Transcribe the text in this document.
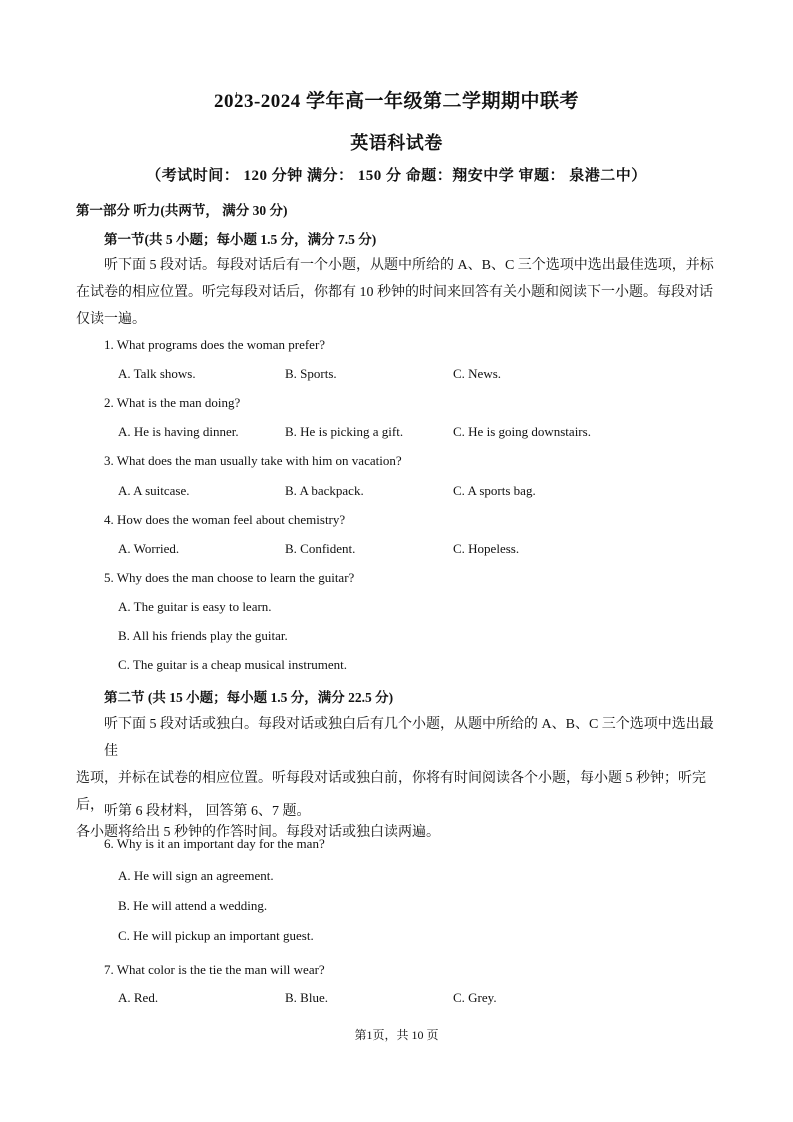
2023-2024 学年高一年级第二学期期中联考
英语科试卷
（考试时间： 120 分钟 满分： 150 分 命题：翔安中学 审题： 泉港二中）
第一部分 听力(共两节， 满分 30 分)
第一节(共 5 小题；每小题 1.5 分，满分 7.5 分)
听下面 5 段对话。每段对话后有一个小题，从题中所给的 A、B、C 三个选项中选出最佳选项，并标
在试卷的相应位置。听完每段对话后，你都有 10 秒钟的时间来回答有关小题和阅读下一小题。每段对话
仅读一遍。
1. What programs does the woman prefer?
A. Talk shows.	B. Sports.	C. News.
2. What is the man doing?
A. He is having dinner.	B. He is picking a gift.	C. He is going downstairs.
3. What does the man usually take with him on vacation?
A. A suitcase.	B. A backpack.	C. A sports bag.
4. How does the woman feel about chemistry?
A. Worried.	B. Confident.	C. Hopeless.
5. Why does the man choose to learn the guitar?
A. The guitar is easy to learn.
B. All his friends play the guitar.
C. The guitar is a cheap musical instrument.
第二节 (共 15 小题；每小题 1.5 分，满分 22.5 分)
听下面 5 段对话或独白。每段对话或独白后有几个小题，从题中所给的 A、B、C 三个选项中选出最佳
选项，并标在试卷的相应位置。听每段对话或独白前，你将有时间阅读各个小题，每小题 5 秒钟；听完后，
各小题将给出 5 秒钟的作答时间。每段对话或独白读两遍。
听第 6 段材料， 回答第 6、7 题。
6. Why is it an important day for the man?
A. He will sign an agreement.
B. He will attend a wedding.
C. He will pickup an important guest.
7. What color is the tie the man will wear?
A. Red.	B. Blue.	C. Grey.
第1页，共 10 页
